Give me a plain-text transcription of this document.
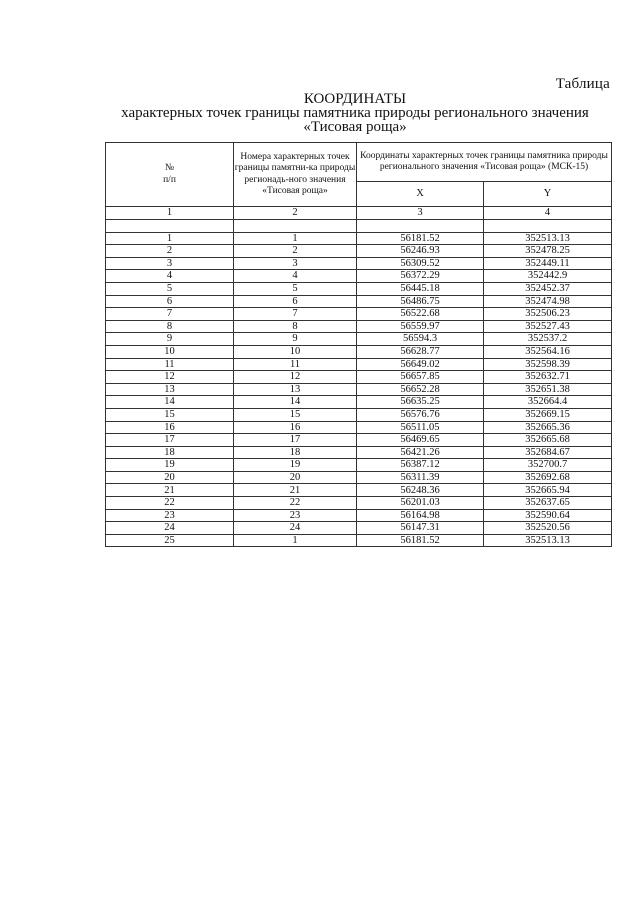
Таблица
КООРДИНАТЫ
характерных точек границы памятника природы регионального значения
«Тисовая роща»
№
п/п	Номера характерных точек границы памятни-ка природы регионадь-ного значения «Тисовая роща»	Координаты характерных точек границы памятника природы регионального значения «Тисовая роща» (МСК-15)	
		X	Y
1	2	3	4

1	1	56181.52	352513.13
2	2	56246.93	352478.25
3	3	56309.52	352449.11
4	4	56372.29	352442.9
5	5	56445.18	352452.37
6	6	56486.75	352474.98
7	7	56522.68	352506.23
8	8	56559.97	352527.43
9	9	56594.3	352537.2
10	10	56628.77	352564.16
11	11	56649.02	352598.39
12	12	56657.85	352632.71
13	13	56652.28	352651.38
14	14	56635.25	352664.4
15	15	56576.76	352669.15
16	16	56511.05	352665.36
17	17	56469.65	352665.68
18	18	56421.26	352684.67
19	19	56387.12	352700.7
20	20	56311.39	352692.68
21	21	56248.36	352665.94
22	22	56201.03	352637.65
23	23	56164.98	352590.64
24	24	56147.31	352520.56
25	1	56181.52	352513.13
